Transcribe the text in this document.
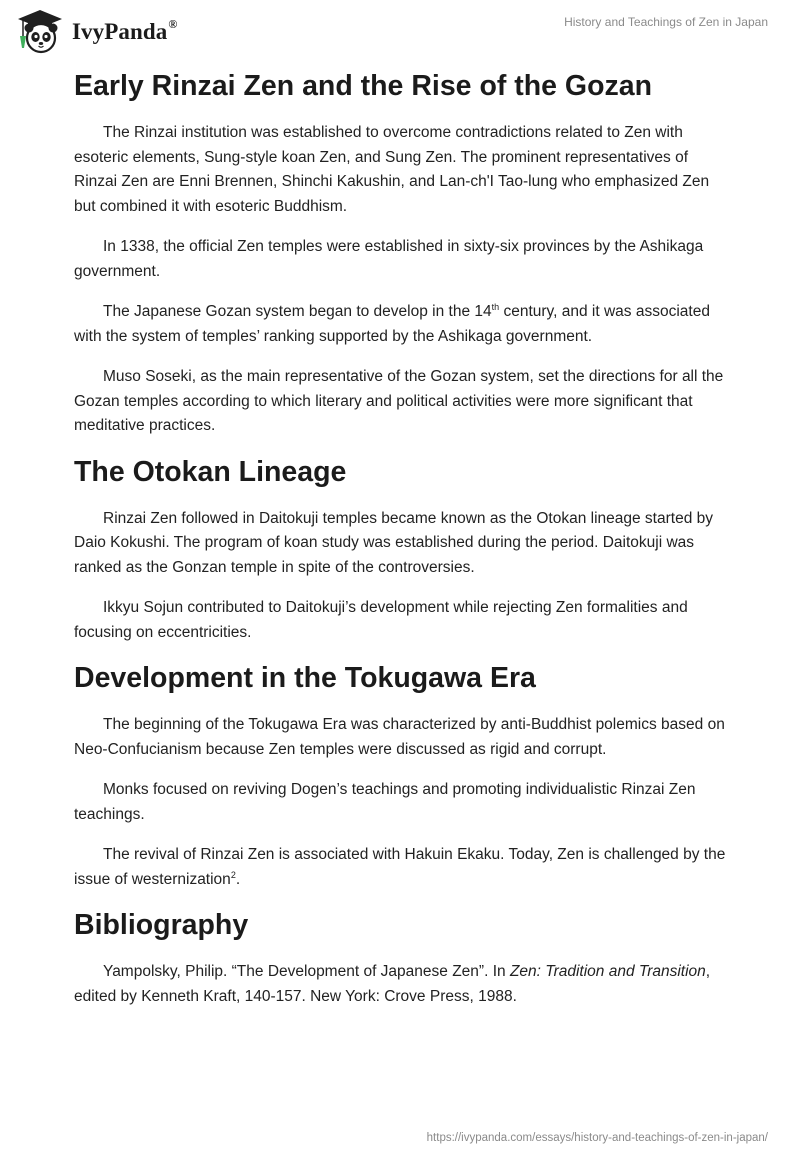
IvyPanda®	History and Teachings of Zen in Japan
Early Rinzai Zen and the Rise of the Gozan

The Rinzai institution was established to overcome contradictions related to Zen with esoteric elements, Sung-style koan Zen, and Sung Zen. The prominent representatives of Rinzai Zen are Enni Brennen, Shinchi Kakushin, and Lan-ch'I Tao-lung who emphasized Zen but combined it with esoteric Buddhism.

In 1338, the official Zen temples were established in sixty-six provinces by the Ashikaga government.

The Japanese Gozan system began to develop in the 14th century, and it was associated with the system of temples’ ranking supported by the Ashikaga government.

Muso Soseki, as the main representative of the Gozan system, set the directions for all the Gozan temples according to which literary and political activities were more significant that meditative practices.

The Otokan Lineage

Rinzai Zen followed in Daitokuji temples became known as the Otokan lineage started by Daio Kokushi. The program of koan study was established during the period. Daitokuji was ranked as the Gonzan temple in spite of the controversies.

Ikkyu Sojun contributed to Daitokuji’s development while rejecting Zen formalities and focusing on eccentricities.

Development in the Tokugawa Era

The beginning of the Tokugawa Era was characterized by anti-Buddhist polemics based on Neo-Confucianism because Zen temples were discussed as rigid and corrupt.

Monks focused on reviving Dogen’s teachings and promoting individualistic Rinzai Zen teachings.

The revival of Rinzai Zen is associated with Hakuin Ekaku. Today, Zen is challenged by the issue of westernization$^2$.

Bibliography

Yampolsky, Philip. “The Development of Japanese Zen”. In Zen: Tradition and Transition, edited by Kenneth Kraft, 140-157. New York: Crove Press, 1988.

https://ivypanda.com/essays/history-and-teachings-of-zen-in-japan/
